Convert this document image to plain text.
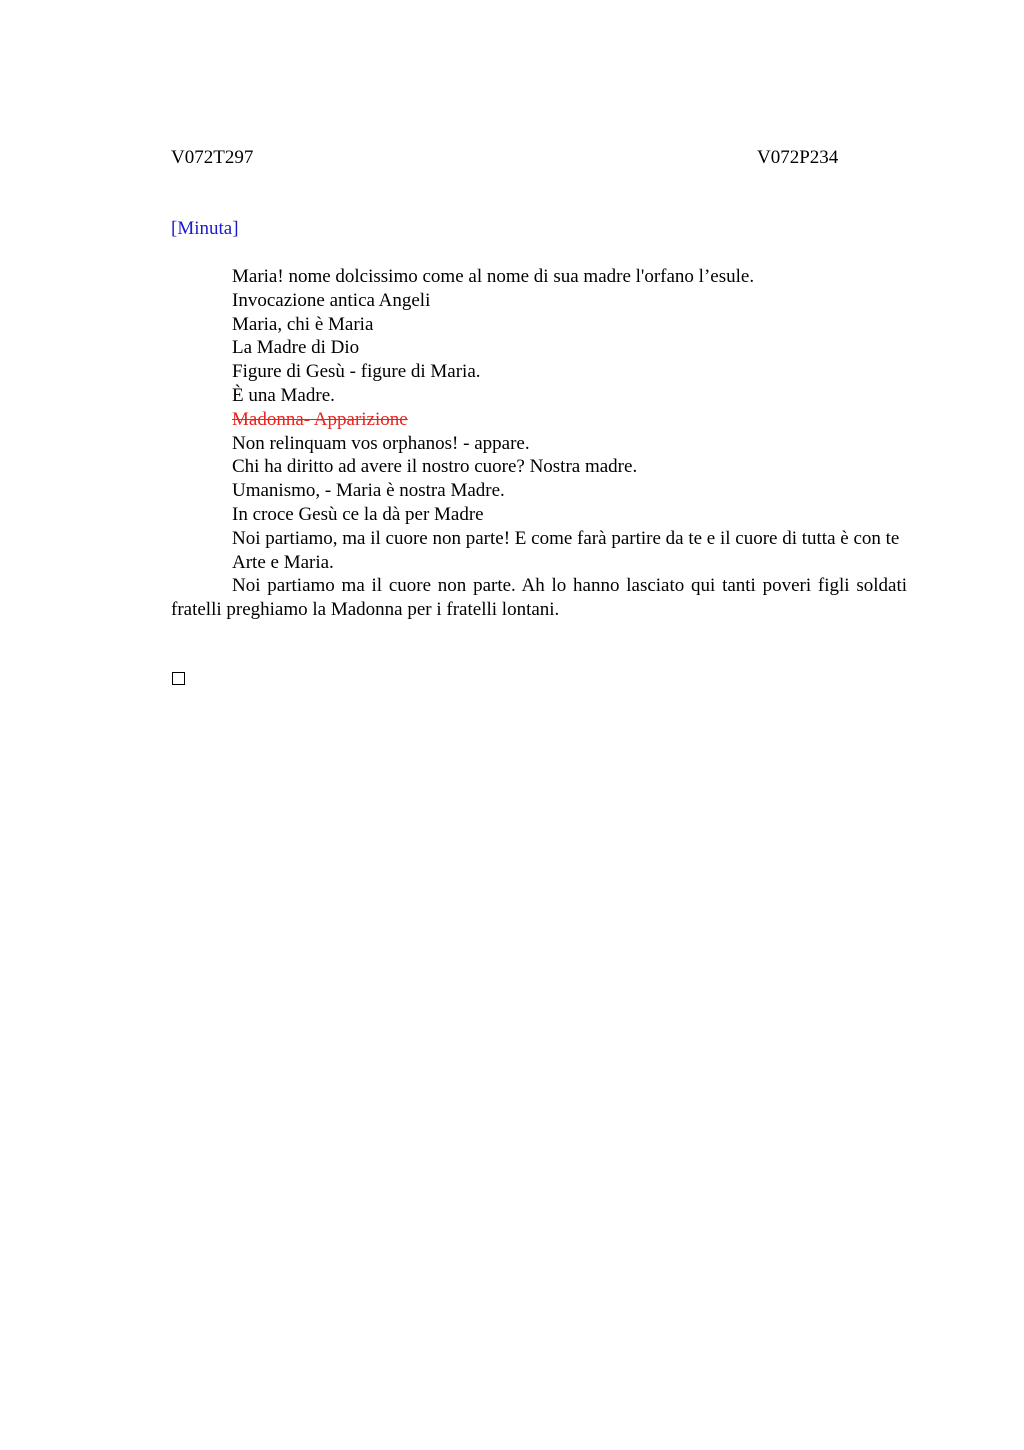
V072T297	V072P234
[Minuta]

Maria! nome dolcissimo come al nome di sua madre l'orfano l’esule.

Invocazione antica Angeli

Maria, chi è Maria

La Madre di Dio

Figure di Gesù - figure di Maria.

È una Madre.

Madonna- Apparizione

Non relinquam vos orphanos! - appare.

Chi ha diritto ad avere il nostro cuore? Nostra madre.

Umanismo, - Maria è nostra Madre.

In croce Gesù ce la dà per Madre

Noi partiamo, ma il cuore non parte! E come farà partire da te e il cuore di tutta è con te

Arte e Maria.

Noi partiamo ma il cuore non parte. Ah lo hanno lasciato qui tanti poveri figli soldati fratelli preghiamo la Madonna per i fratelli lontani.
